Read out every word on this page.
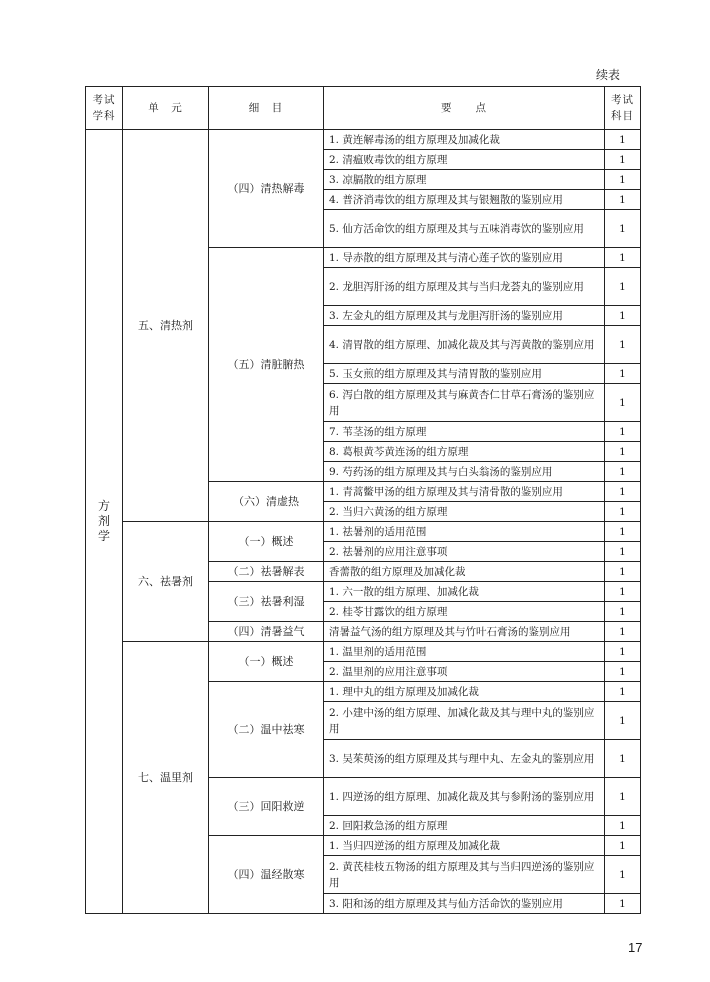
续表
考试学科	单　元	细　目	要　　点	考试科目
方剂学	五、清热剂	（四）清热解毒	1. 黄连解毒汤的组方原理及加减化裁	1
			2. 清瘟败毒饮的组方原理	1
			3. 凉膈散的组方原理	1
			4. 普济消毒饮的组方原理及其与银翘散的鉴别应用	1
			5. 仙方活命饮的组方原理及其与五味消毒饮的鉴别应用	1
		（五）清脏腑热	1. 导赤散的组方原理及其与清心莲子饮的鉴别应用	1
			2. 龙胆泻肝汤的组方原理及其与当归龙荟丸的鉴别应用	1
			3. 左金丸的组方原理及其与龙胆泻肝汤的鉴别应用	1
			4. 清胃散的组方原理、加减化裁及其与泻黄散的鉴别应用	1
			5. 玉女煎的组方原理及其与清胃散的鉴别应用	1
			6. 泻白散的组方原理及其与麻黄杏仁甘草石膏汤的鉴别应用	1
			7. 苇茎汤的组方原理	1
			8. 葛根黄芩黄连汤的组方原理	1
			9. 芍药汤的组方原理及其与白头翁汤的鉴别应用	1
		（六）清虚热	1. 青蒿鳖甲汤的组方原理及其与清骨散的鉴别应用	1
			2. 当归六黄汤的组方原理	1
	六、祛暑剂	（一）概述	1. 祛暑剂的适用范围	1
			2. 祛暑剂的应用注意事项	1
		（二）祛暑解表	香薷散的组方原理及加减化裁	1
		（三）祛暑利湿	1. 六一散的组方原理、加减化裁	1
			2. 桂苓甘露饮的组方原理	1
		（四）清暑益气	清暑益气汤的组方原理及其与竹叶石膏汤的鉴别应用	1
	七、温里剂	（一）概述	1. 温里剂的适用范围	1
			2. 温里剂的应用注意事项	1
		（二）温中祛寒	1. 理中丸的组方原理及加减化裁	1
			2. 小建中汤的组方原理、加减化裁及其与理中丸的鉴别应用	1
			3. 吴茱萸汤的组方原理及其与理中丸、左金丸的鉴别应用	1
		（三）回阳救逆	1. 四逆汤的组方原理、加减化裁及其与参附汤的鉴别应用	1
			2. 回阳救急汤的组方原理	1
		（四）温经散寒	1. 当归四逆汤的组方原理及加减化裁	1
			2. 黄芪桂枝五物汤的组方原理及其与当归四逆汤的鉴别应用	1
			3. 阳和汤的组方原理及其与仙方活命饮的鉴别应用	1
17
